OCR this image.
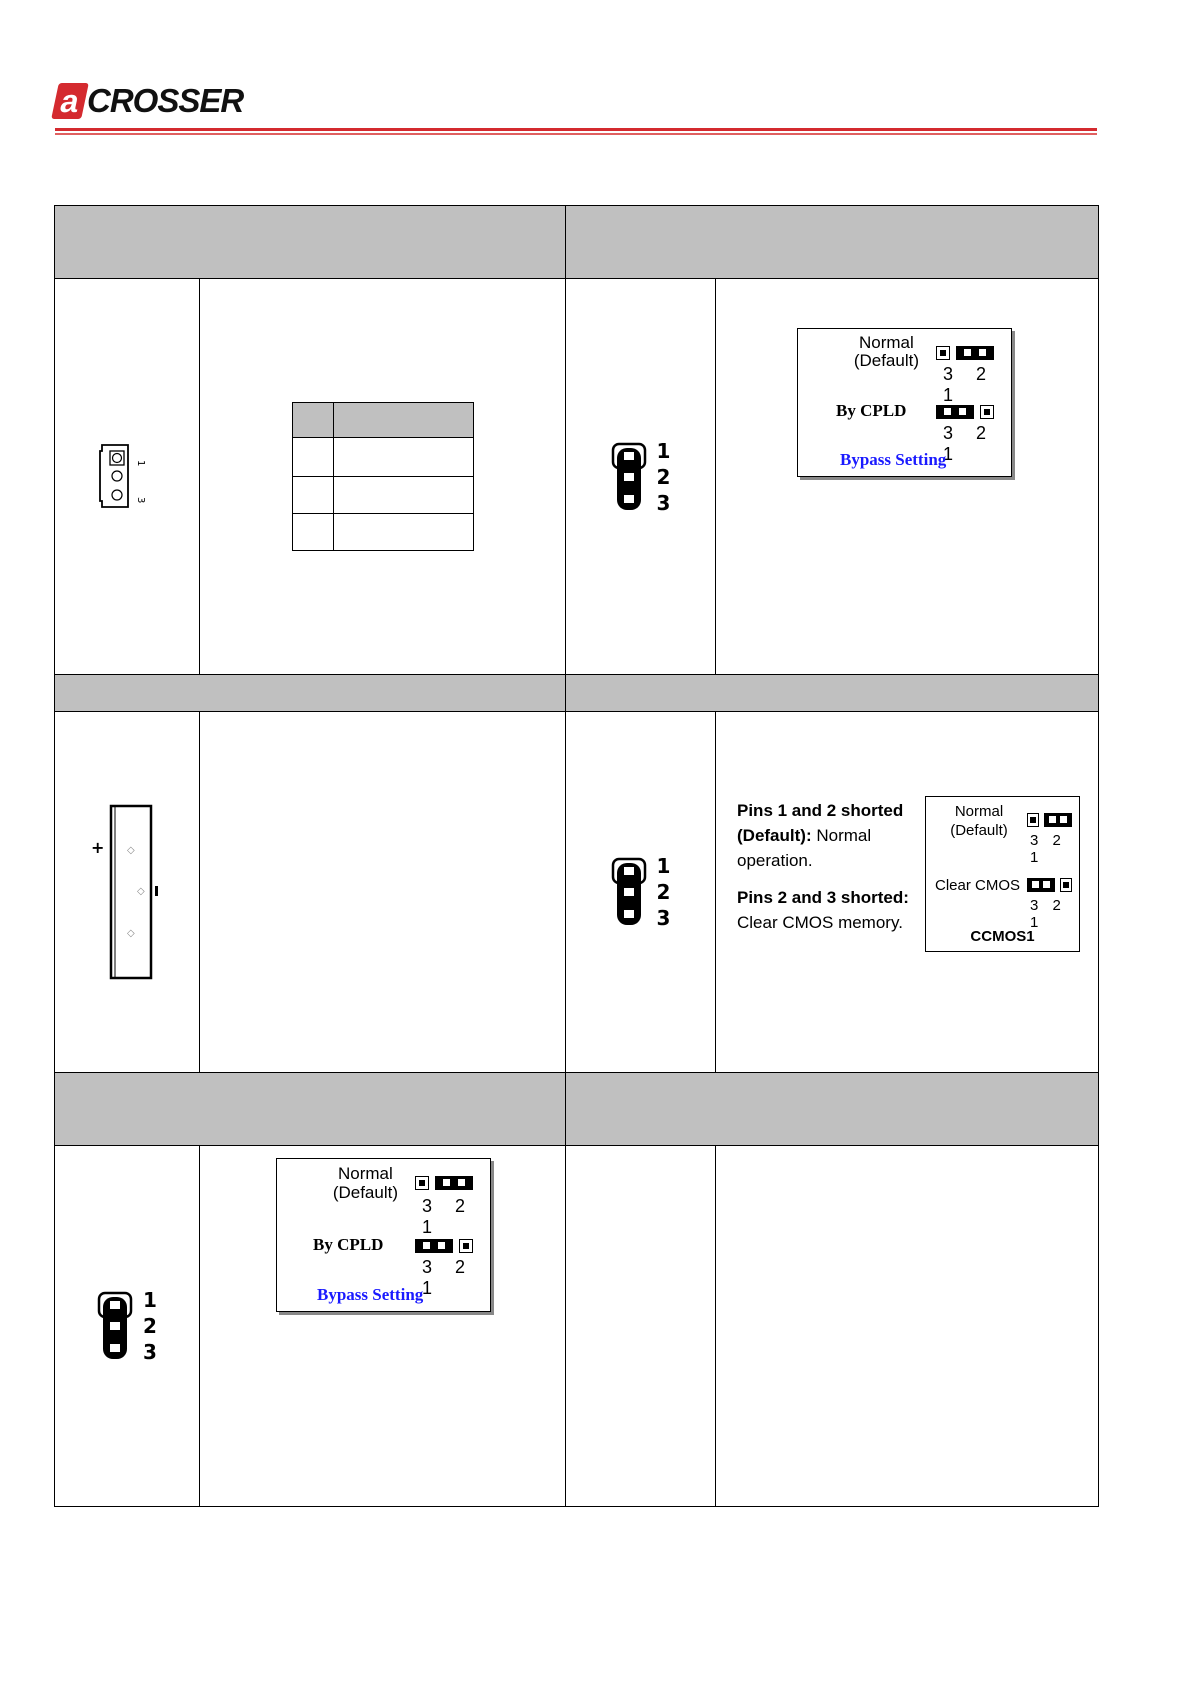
a CROSSER

1
3

1
2
3

Normal
(Default)

3 2 1
By CPLD

3 2 1
Bypass Setting

+ ◇
◇
◇

1
2
3

Pins 1 and 2 shorted
(Default): Normal
operation.
Pins 2 and 3 shorted:
Clear CMOS memory.
Normal
(Default)

3 2 1
Clear CMOS

3 2 1
CCMOS1

1
2
3

Normal
(Default)

3 2 1
By CPLD

3 2 1
Bypass Setting
